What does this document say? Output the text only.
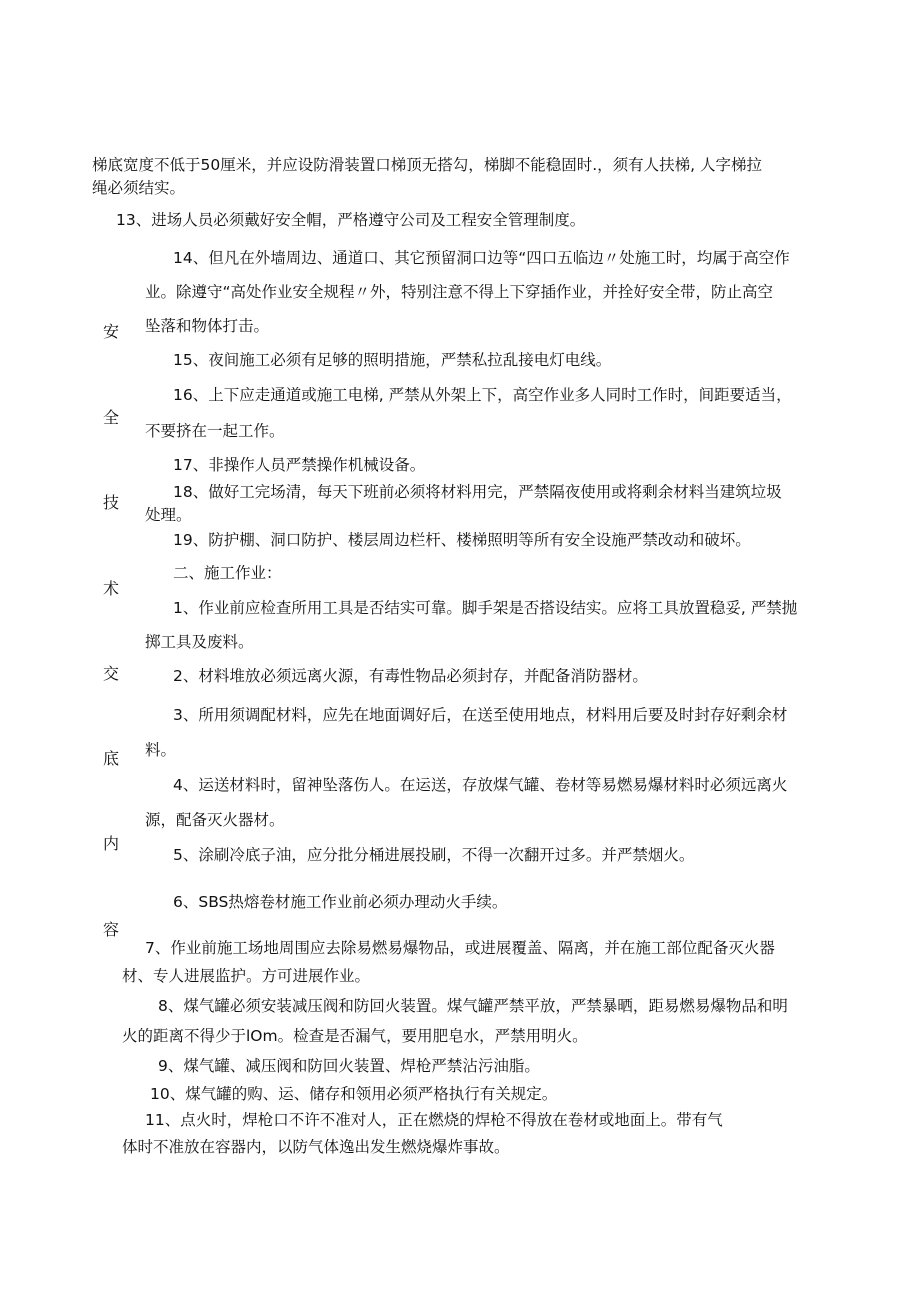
安
全
技
术
交
底
内
容
梯底宽度不低于50厘米，并应设防滑装置口梯顶无搭勾，梯脚不能稳固时.，须有人扶梯, 人字梯拉
绳必须结实。
13、进场人员必须戴好安全帽，严格遵守公司及工程安全管理制度。
14、但凡在外墙周边、通道口、其它预留洞口边等“四口五临边〃处施工时，均属于高空作
业。除遵守“高处作业安全规程〃外，特别注意不得上下穿插作业，并拴好安全带，防止高空
坠落和物体打击。
15、夜间施工必须有足够的照明措施，严禁私拉乱接电灯电线。
16、上下应走通道或施工电梯, 严禁从外架上下，高空作业多人同时工作时，间距要适当，
不要挤在一起工作。
17、非操作人员严禁操作机械设备。
18、做好工完场清，每天下班前必须将材料用完，严禁隔夜使用或将剩余材料当建筑垃圾
处理。
19、防护棚、洞口防护、楼层周边栏杆、楼梯照明等所有安全设施严禁改动和破坏。
二、施工作业：
1、作业前应检查所用工具是否结实可靠。脚手架是否搭设结实。应将工具放置稳妥, 严禁抛
掷工具及废料。
2、材料堆放必须远离火源，有毒性物品必须封存，并配备消防器材。
3、所用须调配材料，应先在地面调好后，在送至使用地点，材料用后要及时封存好剩余材
料。
4、运送材料时，留神坠落伤人。在运送，存放煤气罐、卷材等易燃易爆材料时必须远离火
源，配备灭火器材。
5、涂刷冷底子油，应分批分桶进展投刷，不得一次翻开过多。并严禁烟火。
6、SBS热熔卷材施工作业前必须办理动火手续。
7、作业前施工场地周围应去除易燃易爆物品，或进展覆盖、隔离，并在施工部位配备灭火器
材、专人进展监护。方可进展作业。
8、煤气罐必须安装减压阀和防回火装置。煤气罐严禁平放，严禁暴晒，距易燃易爆物品和明
火的距离不得少于lOm。检查是否漏气，要用肥皂水，严禁用明火。
9、煤气罐、减压阀和防回火装置、焊枪严禁沾污油脂。
10、煤气罐的购、运、储存和领用必须严格执行有关规定。
11、点火时，焊枪口不许不准对人，正在燃烧的焊枪不得放在卷材或地面上。带有气
体时不准放在容器内，以防气体逸出发生燃烧爆炸事故。
